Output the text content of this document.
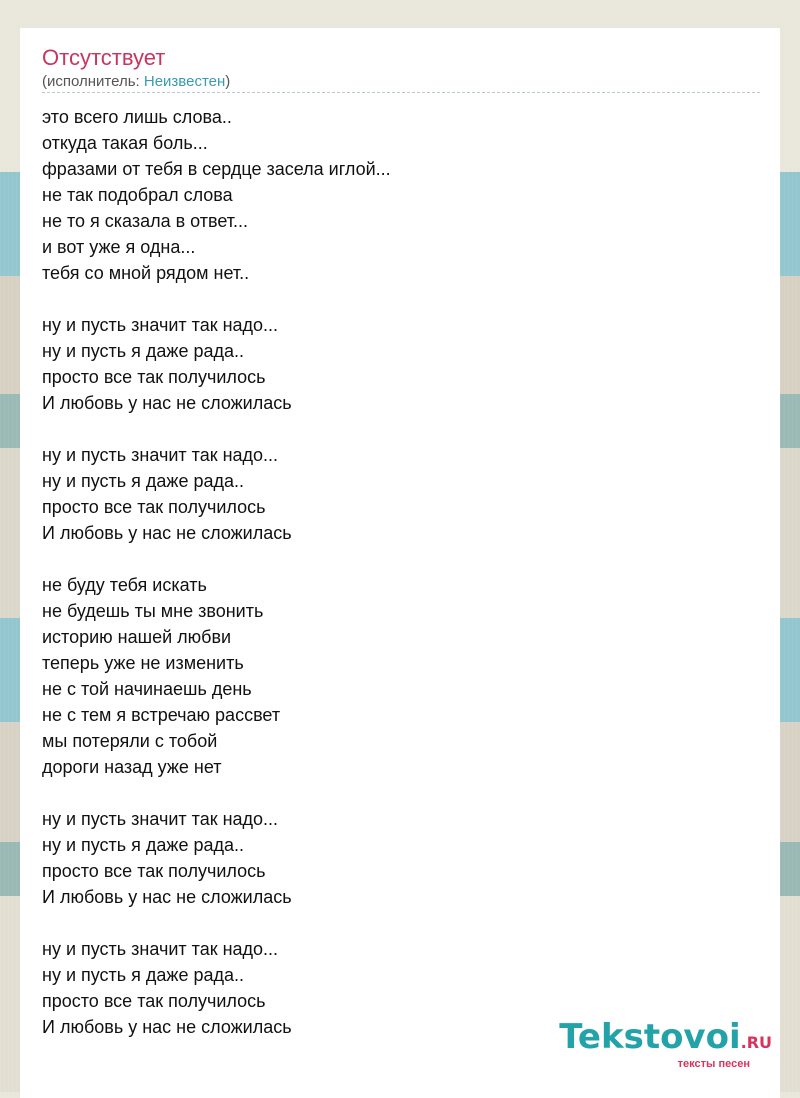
Отсутствует
(исполнитель: Неизвестен)
это всего лишь слова..
откуда такая боль...
фразами от тебя в сердце засела иглой...
не так подобрал слова
не то я сказала в ответ...
и вот уже я одна...
тебя со мной рядом нет..

ну и пусть значит так надо...
ну и пусть я даже рада..
просто все так получилось
И любовь у нас не сложилась

ну и пусть значит так надо...
ну и пусть я даже рада..
просто все так получилось
И любовь у нас не сложилась

не буду тебя искать
не будешь ты мне звонить
историю нашей любви
теперь уже не изменить
не с той начинаешь день
не с тем я встречаю рассвет
мы потеряли с тобой
дороги назад уже нет

ну и пусть значит так надо...
ну и пусть я даже рада..
просто все так получилось
И любовь у нас не сложилась

ну и пусть значит так надо...
ну и пусть я даже рада..
просто все так получилось
И любовь у нас не сложилась	Tekstovoi.RU
тексты песен
